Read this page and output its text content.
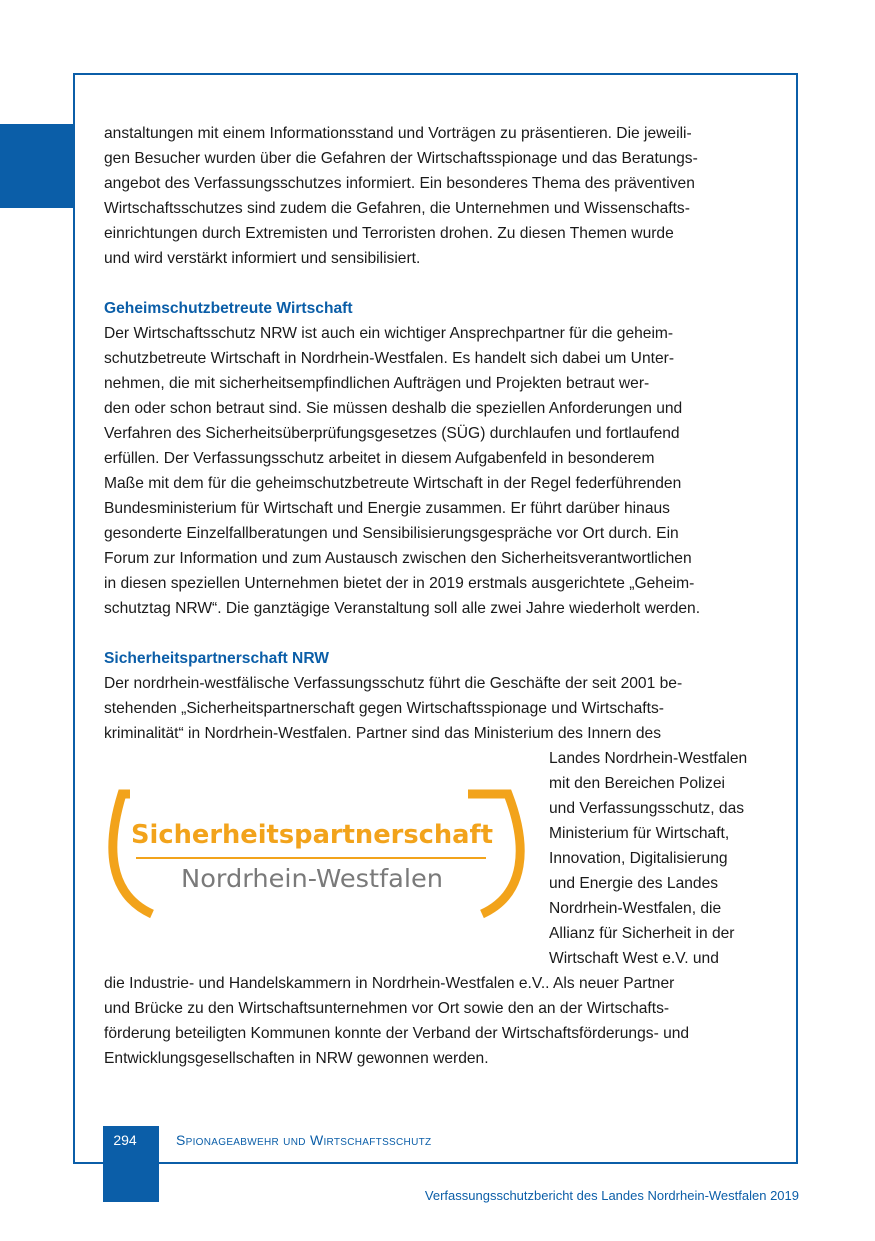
anstaltungen mit einem Informationsstand und Vorträgen zu präsentieren. Die jeweili-

gen Besucher wurden über die Gefahren der Wirtschaftsspionage und das Beratungs-

angebot des Verfassungsschutzes informiert. Ein besonderes Thema des präventiven

Wirtschaftsschutzes sind zudem die Gefahren, die Unternehmen und Wissenschafts-

einrichtungen durch Extremisten und Terroristen drohen. Zu diesen Themen wurde

und wird verstärkt informiert und sensibilisiert.

Geheimschutzbetreute Wirtschaft

Der Wirtschaftsschutz NRW ist auch ein wichtiger Ansprechpartner für die geheim-

schutzbetreute Wirtschaft in Nordrhein-Westfalen. Es handelt sich dabei um Unter-

nehmen, die mit sicherheitsempfindlichen Aufträgen und Projekten betraut wer-

den oder schon betraut sind. Sie müssen deshalb die speziellen Anforderungen und

Verfahren des Sicherheitsüberprüfungsgesetzes (SÜG) durchlaufen und fortlaufend

erfüllen. Der Verfassungsschutz arbeitet in diesem Aufgabenfeld in besonderem

Maße mit dem für die geheimschutzbetreute Wirtschaft in der Regel federführenden

Bundesministerium für Wirtschaft und Energie zusammen. Er führt darüber hinaus

gesonderte Einzelfallberatungen und Sensibilisierungsgespräche vor Ort durch. Ein

Forum zur Information und zum Austausch zwischen den Sicherheitsverantwortlichen

in diesen speziellen Unternehmen bietet der in 2019 erstmals ausgerichtete „Geheim-

schutztag NRW“. Die ganztägige Veranstaltung soll alle zwei Jahre wiederholt werden.

Sicherheitspartnerschaft NRW

Der nordrhein-westfälische Verfassungsschutz führt die Geschäfte der seit 2001 be-

stehenden „Sicherheitspartnerschaft gegen Wirtschaftsspionage und Wirtschafts-

kriminalität“ in Nordrhein-Westfalen. Partner sind das Ministerium des Innern des

Sicherheitspartnerschaft
Nordrhein-Westfalen

Landes Nordrhein-Westfalen

mit den Bereichen Polizei

und Verfassungsschutz, das

Ministerium für Wirtschaft,

Innovation, Digitalisierung

und Energie des Landes

Nordrhein-Westfalen, die

Allianz für Sicherheit in der

Wirtschaft West e.V. und

die Industrie- und Handelskammern in Nordrhein-Westfalen e.V.. Als neuer Partner

und Brücke zu den Wirtschaftsunternehmen vor Ort sowie den an der Wirtschafts-

förderung beteiligten Kommunen konnte der Verband der Wirtschaftsförderungs- und

Entwicklungsgesellschaften in NRW gewonnen werden.

294	Spionageabwehr und Wirtschaftsschutz
Verfassungsschutzbericht des Landes Nordrhein-Westfalen 2019
